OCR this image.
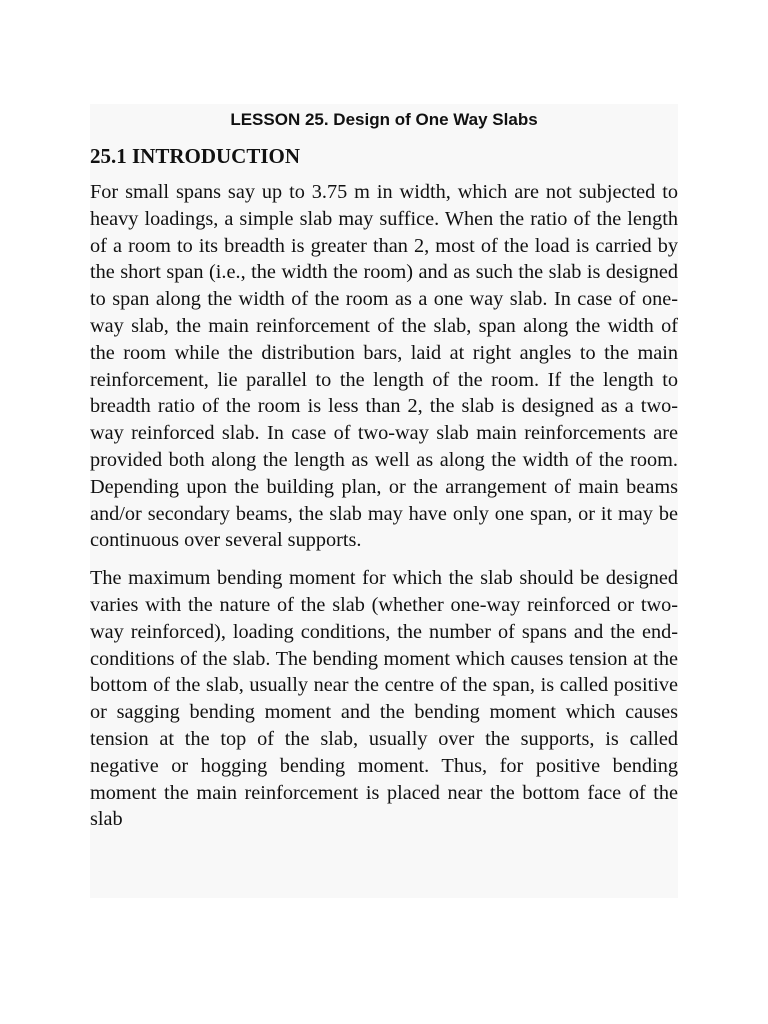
LESSON 25. Design of One Way Slabs
25.1 INTRODUCTION

For small spans say up to 3.75 m in width, which are not subjected to heavy loadings, a simple slab may suffice. When the ratio of the length of a room to its breadth is greater than 2, most of the load is carried by the short span (i.e., the width the room) and as such the slab is designed to span along the width of the room as a one way slab. In case of one-way slab, the main reinforcement of the slab, span along the width of the room while the distribution bars, laid at right angles to the main reinforcement, lie parallel to the length of the room. If the length to breadth ratio of the room is less than 2, the slab is designed as a two-way reinforced slab. In case of two-way slab main reinforcements are provided both along the length as well as along the width of the room. Depending upon the building plan, or the arrangement of main beams and/or secondary beams, the slab may have only one span, or it may be continuous over several supports.

The maximum bending moment for which the slab should be designed varies with the nature of the slab (whether one-way reinforced or two-way reinforced), loading conditions, the number of spans and the end-conditions of the slab. The bending moment which causes tension at the bottom of the slab, usually near the centre of the span, is called positive or sagging bending moment and the bending moment which causes tension at the top of the slab, usually over the supports, is called negative or hogging bending moment. Thus, for positive bending moment the main reinforcement is placed near the bottom face of the slab
